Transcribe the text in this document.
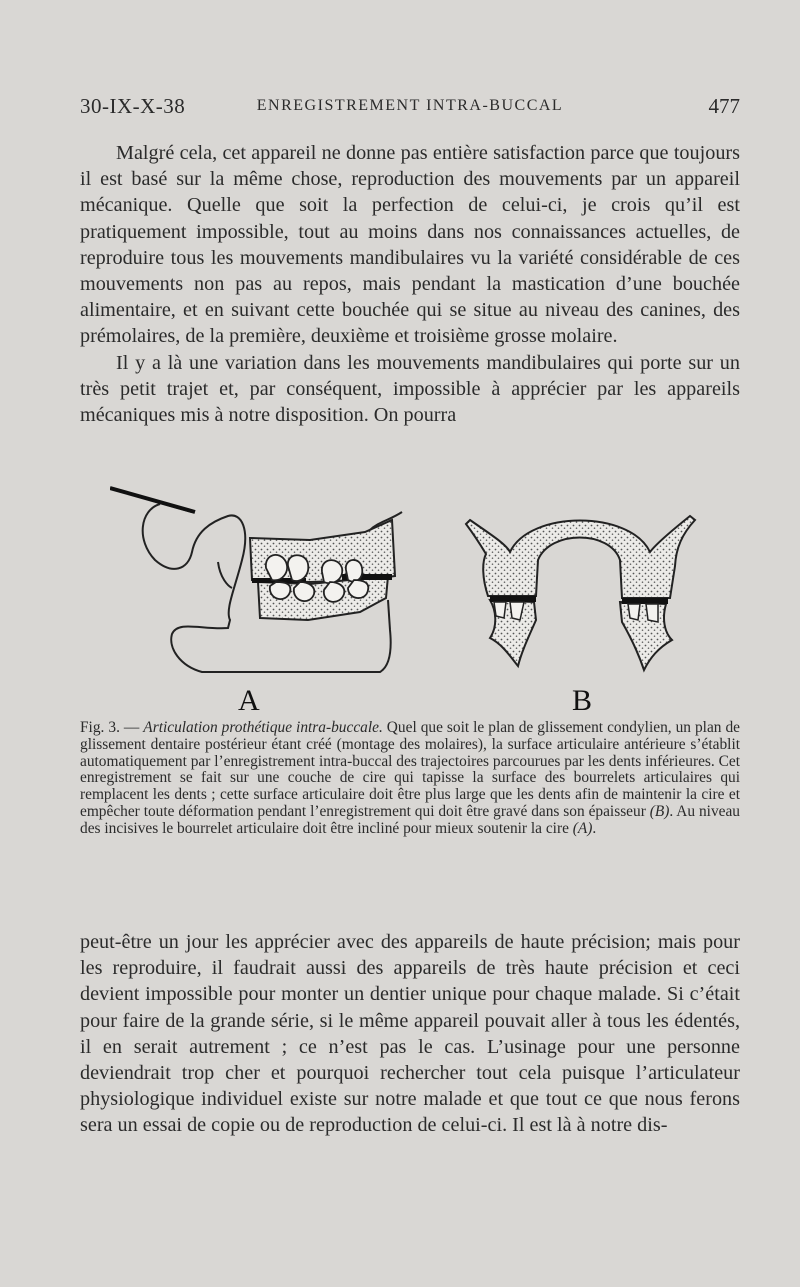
30-IX-X-38	ENREGISTREMENT INTRA-BUCCAL	477

Malgré cela, cet appareil ne donne pas entière satisfaction parce que toujours il est basé sur la même chose, reproduction des mouvements par un appareil mécanique. Quelle que soit la perfection de celui-ci, je crois qu’il est pratiquement impossible, tout au moins dans nos connaissances actuelles, de reproduire tous les mouvements mandibulaires vu la variété considérable de ces mouvements non pas au repos, mais pendant la mastication d’une bouchée alimentaire, et en suivant cette bouchée qui se situe au niveau des canines, des prémolaires, de la première, deuxième et troisième grosse molaire.

Il y a là une variation dans les mouvements mandibulaires qui porte sur un très petit trajet et, par conséquent, impossible à apprécier par les appareils mécaniques mis à notre disposition. On pourra

A	B
Fig. 3. — Articulation prothétique intra-buccale. Quel que soit le plan de glissement condylien, un plan de glissement dentaire postérieur étant créé (montage des molaires), la surface articulaire antérieure s’établit automatiquement par l’enregistrement intra-buccal des trajectoires parcourues par les dents inférieures. Cet enregistrement se fait sur une couche de cire qui tapisse la surface des bourrelets articulaires qui remplacent les dents ; cette surface articulaire doit être plus large que les dents afin de maintenir la cire et empêcher toute déformation pendant l’enregistrement qui doit être gravé dans son épaisseur (B). Au niveau des incisives le bourrelet articulaire doit être incliné pour mieux soutenir la cire (A).

peut-être un jour les apprécier avec des appareils de haute précision; mais pour les reproduire, il faudrait aussi des appareils de très haute précision et ceci devient impossible pour monter un dentier unique pour chaque malade. Si c’était pour faire de la grande série, si le même appareil pouvait aller à tous les édentés, il en serait autrement ; ce n’est pas le cas. L’usinage pour une personne deviendrait trop cher et pourquoi rechercher tout cela puisque l’articulateur physiologique individuel existe sur notre malade et que tout ce que nous ferons sera un essai de copie ou de reproduction de celui-ci. Il est là à notre dis-
